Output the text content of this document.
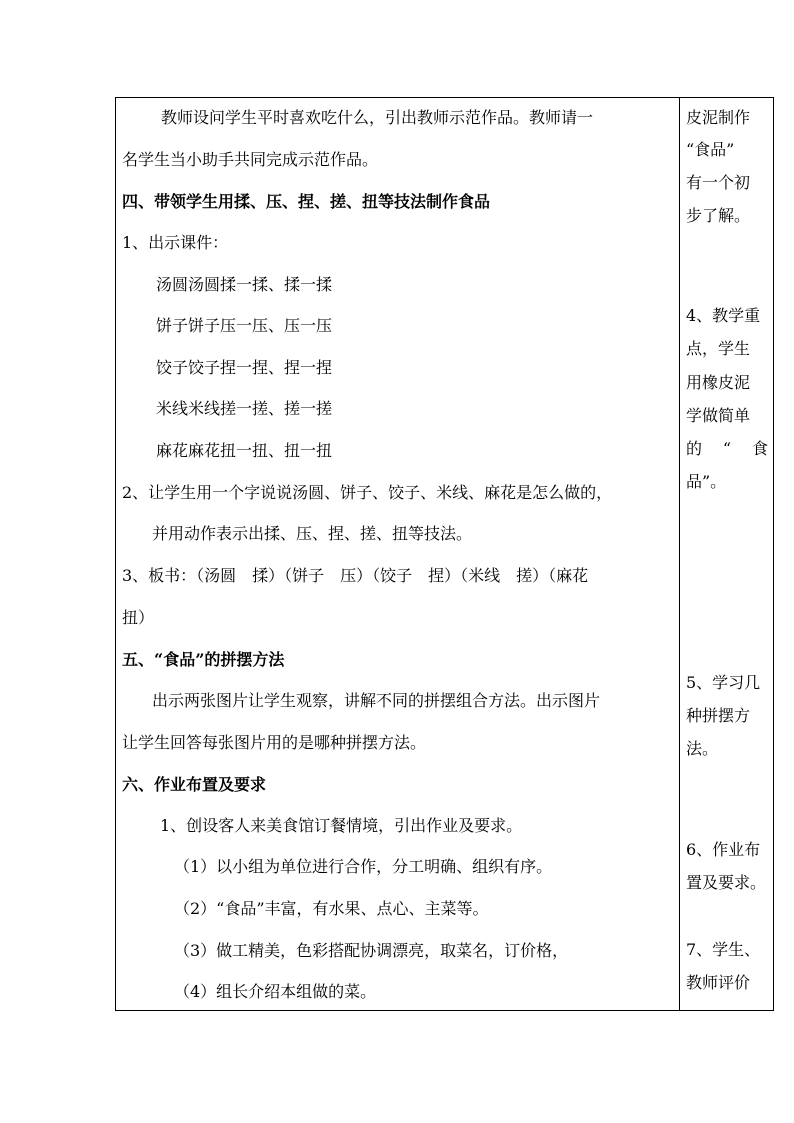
教师设问学生平时喜欢吃什么，引出教师示范作品。教师请一
名学生当小助手共同完成示范作品。
四、带领学生用揉、压、捏、搓、扭等技法制作食品
1、出示课件：
汤圆汤圆揉一揉、揉一揉
饼子饼子压一压、压一压
饺子饺子捏一捏、捏一捏
米线米线搓一搓、搓一搓
麻花麻花扭一扭、扭一扭
2、让学生用一个字说说汤圆、饼子、饺子、米线、麻花是怎么做的，
并用动作表示出揉、压、捏、搓、扭等技法。
3、板书：（汤圆　揉）（饼子　压）（饺子　捏）（米线　搓）（麻花
扭）
五、“食品”的拼摆方法
出示两张图片让学生观察，讲解不同的拼摆组合方法。出示图片
让学生回答每张图片用的是哪种拼摆方法。
六、作业布置及要求
1、创设客人来美食馆订餐情境，引出作业及要求。
（1）以小组为单位进行合作，分工明确、组织有序。
（2）“食品”丰富，有水果、点心、主菜等。
（3）做工精美，色彩搭配协调漂亮，取菜名，订价格，
（4）组长介绍本组做的菜。
皮泥制作
“食品”
有一个初
步了解。
4、教学重
点，学生
用橡皮泥
学做简单
的 “ 食
品”。
5、学习几
种拼摆方
法。
6、作业布
置及要求。
7、学生、
教师评价
